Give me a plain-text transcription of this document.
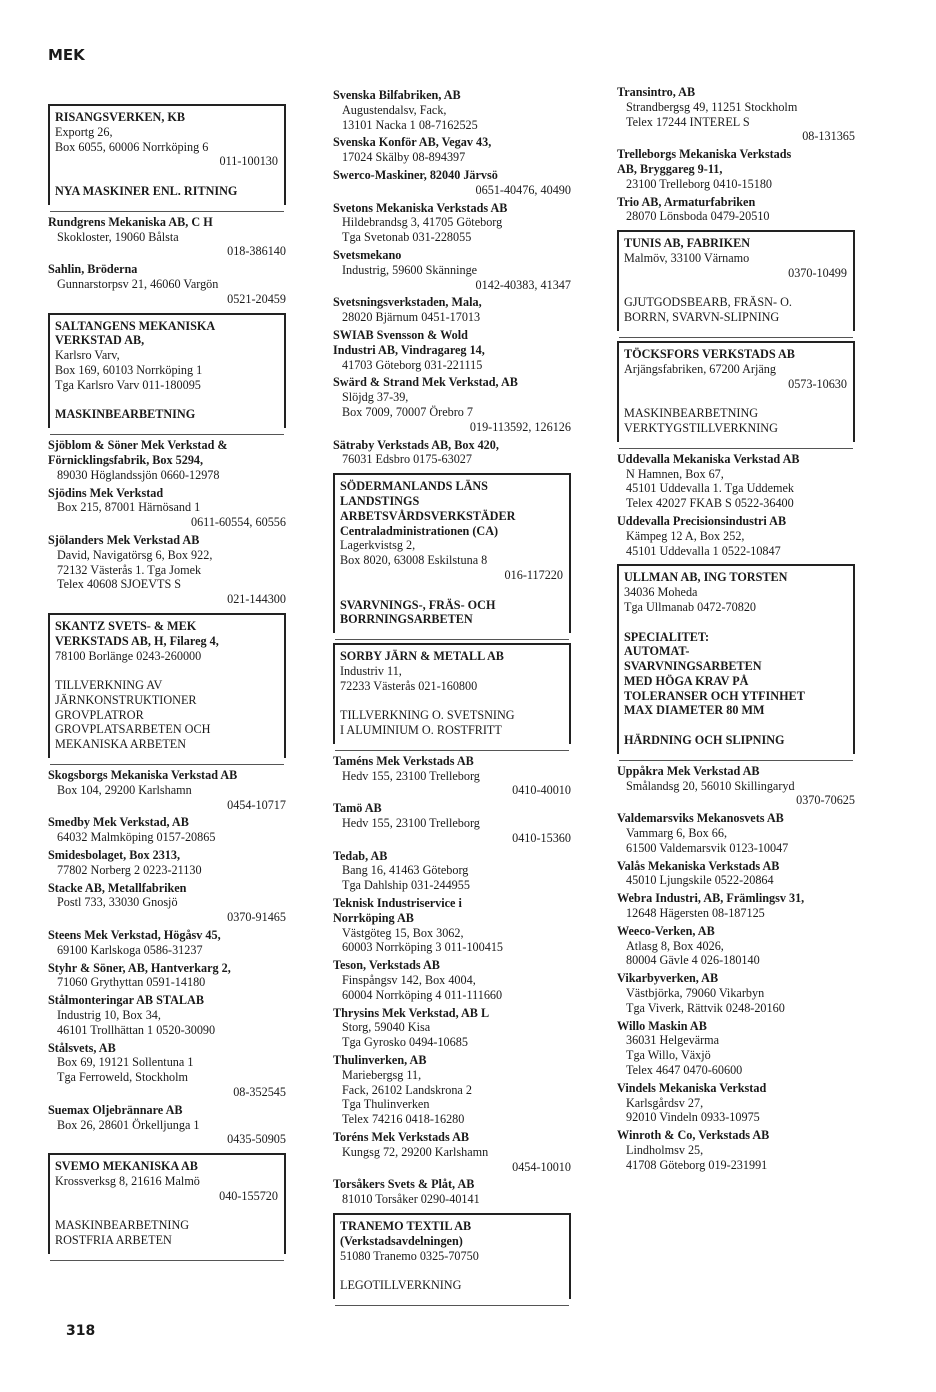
MEK
RISANGSVERKEN, KB
Exportg 26,
Box 6055, 60006 Norrköping 6
011-100130
NYA MASKINER ENL. RITNING
Rundgrens Mekaniska AB, C H
Skokloster, 19060 Bålsta
018-386140
Sahlin, Bröderna
Gunnarstorpsv 21, 46060 Vargön
0521-20459
SALTANGENS MEKANISKA
VERKSTAD AB,
Karlsro Varv,
Box 169, 60103 Norrköping 1
Tga Karlsro Varv 011-180095
MASKINBEARBETNING
Sjöblom & Söner Mek Verkstad &
Förnicklingsfabrik, Box 5294,
89030 Höglandssjön 0660-12978
Sjödins Mek Verkstad
Box 215, 87001 Härnösand 1
0611-60554, 60556
Sjölanders Mek Verkstad AB
David, Navigatörsg 6, Box 922,
72132 Västerås 1. Tga Jomek
Telex 40608 SJOEVTS S
021-144300
SKANTZ SVETS- & MEK
VERKSTADS AB, H, Filareg 4,
78100 Borlänge 0243-260000
TILLVERKNING AV
JÄRNKONSTRUKTIONER
GROVPLATROR
GROVPLATSARBETEN OCH
MEKANISKA ARBETEN
Skogsborgs Mekaniska Verkstad AB
Box 104, 29200 Karlshamn
0454-10717
Smedby Mek Verkstad, AB
64032 Malmköping 0157-20865
Smidesbolaget, Box 2313,
77802 Norberg 2 0223-21130
Stacke AB, Metallfabriken
Postl 733, 33030 Gnosjö
0370-91465
Steens Mek Verkstad, Högåsv 45,
69100 Karlskoga 0586-31237
Styhr & Söner, AB, Hantverkarg 2,
71060 Grythyttan 0591-14180
Stålmonteringar AB STALAB
Industrig 10, Box 34,
46101 Trollhättan 1 0520-30090
Stålsvets, AB
Box 69, 19121 Sollentuna 1
Tga Ferroweld, Stockholm
08-352545
Suemax Oljebrännare AB
Box 26, 28601 Örkelljunga 1
0435-50905
SVEMO MEKANISKA AB
Krossverksg 8, 21616 Malmö
040-155720
MASKINBEARBETNING
ROSTFRIA ARBETEN
Svenska Bilfabriken, AB
Augustendalsv, Fack,
13101 Nacka 1 08-7162525
Svenska Konför AB, Vegav 43,
17024 Skälby 08-894397
Swerco-Maskiner, 82040 Järvsö
0651-40476, 40490
Svetons Mekaniska Verkstads AB
Hildebrandsg 3, 41705 Göteborg
Tga Svetonab 031-228055
Svetsmekano
Industrig, 59600 Skänninge
0142-40383, 41347
Svetsningsverkstaden, Mala,
28020 Bjärnum 0451-17013
SWIAB Svensson & Wold
Industri AB, Vindragareg 14,
41703 Göteborg 031-221115
Swärd & Strand Mek Verkstad, AB
Slöjdg 37-39,
Box 7009, 70007 Örebro 7
019-113592, 126126
Sätraby Verkstads AB, Box 420,
76031 Edsbro 0175-63027
SÖDERMANLANDS LÄNS
LANDSTINGS
ARBETSVÅRDSVERKSTÄDER
Centraladministrationen (CA)
Lagerkvistsg 2,
Box 8020, 63008 Eskilstuna 8
016-117220
SVARVNINGS-, FRÄS- OCH
BORRNINGSARBETEN
SORBY JÄRN & METALL AB
Industriv 11,
72233 Västerås 021-160800
TILLVERKNING O. SVETSNING
I ALUMINIUM O. ROSTFRITT
Taméns Mek Verkstads AB
Hedv 155, 23100 Trelleborg
0410-40010
Tamö AB
Hedv 155, 23100 Trelleborg
0410-15360
Tedab, AB
Bang 16, 41463 Göteborg
Tga Dahlship 031-244955
Teknisk Industriservice i
Norrköping AB
Västgöteg 15, Box 3062,
60003 Norrköping 3 011-100415
Teson, Verkstads AB
Finspångsv 142, Box 4004,
60004 Norrköping 4 011-111660
Thrysins Mek Verkstad, AB L
Storg, 59040 Kisa
Tga Gyrosko 0494-10685
Thulinverken, AB
Mariebergsg 11,
Fack, 26102 Landskrona 2
Tga Thulinverken
Telex 74216 0418-16280
Toréns Mek Verkstads AB
Kungsg 72, 29200 Karlshamn
0454-10010
Torsåkers Svets & Plåt, AB
81010 Torsåker 0290-40141
TRANEMO TEXTIL AB
(Verkstadsavdelningen)
51080 Tranemo 0325-70750
LEGOTILLVERKNING
Transintro, AB
Strandbergsg 49, 11251 Stockholm
Telex 17244 INTEREL S
08-131365
Trelleborgs Mekaniska Verkstads
AB, Bryggareg 9-11,
23100 Trelleborg 0410-15180
Trio AB, Armaturfabriken
28070 Lönsboda 0479-20510
TUNIS AB, FABRIKEN
Malmöv, 33100 Värnamo
0370-10499
GJUTGODSBEARB, FRÄSN- O.
BORRN, SVARVN-SLIPNING
TÖCKSFORS VERKSTADS AB
Arjängsfabriken, 67200 Arjäng
0573-10630
MASKINBEARBETNING
VERKTYGSTILLVERKNING
Uddevalla Mekaniska Verkstad AB
N Hamnen, Box 67,
45101 Uddevalla 1. Tga Uddemek
Telex 42027 FKAB S 0522-36400
Uddevalla Precisionsindustri AB
Kämpeg 12 A, Box 252,
45101 Uddevalla 1 0522-10847
ULLMAN AB, ING TORSTEN
34036 Moheda
Tga Ullmanab 0472-70820
SPECIALITET:
AUTOMAT-
SVARVNINGSARBETEN
MED HÖGA KRAV PÅ
TOLERANSER OCH YTFINHET
MAX DIAMETER 80 MM
HÄRDNING OCH SLIPNING
Uppåkra Mek Verkstad AB
Smålandsg 20, 56010 Skillingaryd
0370-70625
Valdemarsviks Mekanosvets AB
Vammarg 6, Box 66,
61500 Valdemarsvik 0123-10047
Valås Mekaniska Verkstads AB
45010 Ljungskile 0522-20864
Webra Industri, AB, Främlingsv 31,
12648 Hägersten 08-187125
Weeco-Verken, AB
Atlasg 8, Box 4026,
80004 Gävle 4 026-180140
Vikarbyverken, AB
Västbjörka, 79060 Vikarbyn
Tga Viverk, Rättvik 0248-20160
Willo Maskin AB
36031 Helgevärma
Tga Willo, Växjö
Telex 4647 0470-60600
Vindels Mekaniska Verkstad
Karlsgårdsv 27,
92010 Vindeln 0933-10975
Winroth & Co, Verkstads AB
Lindholmsv 25,
41708 Göteborg 019-231991
318
